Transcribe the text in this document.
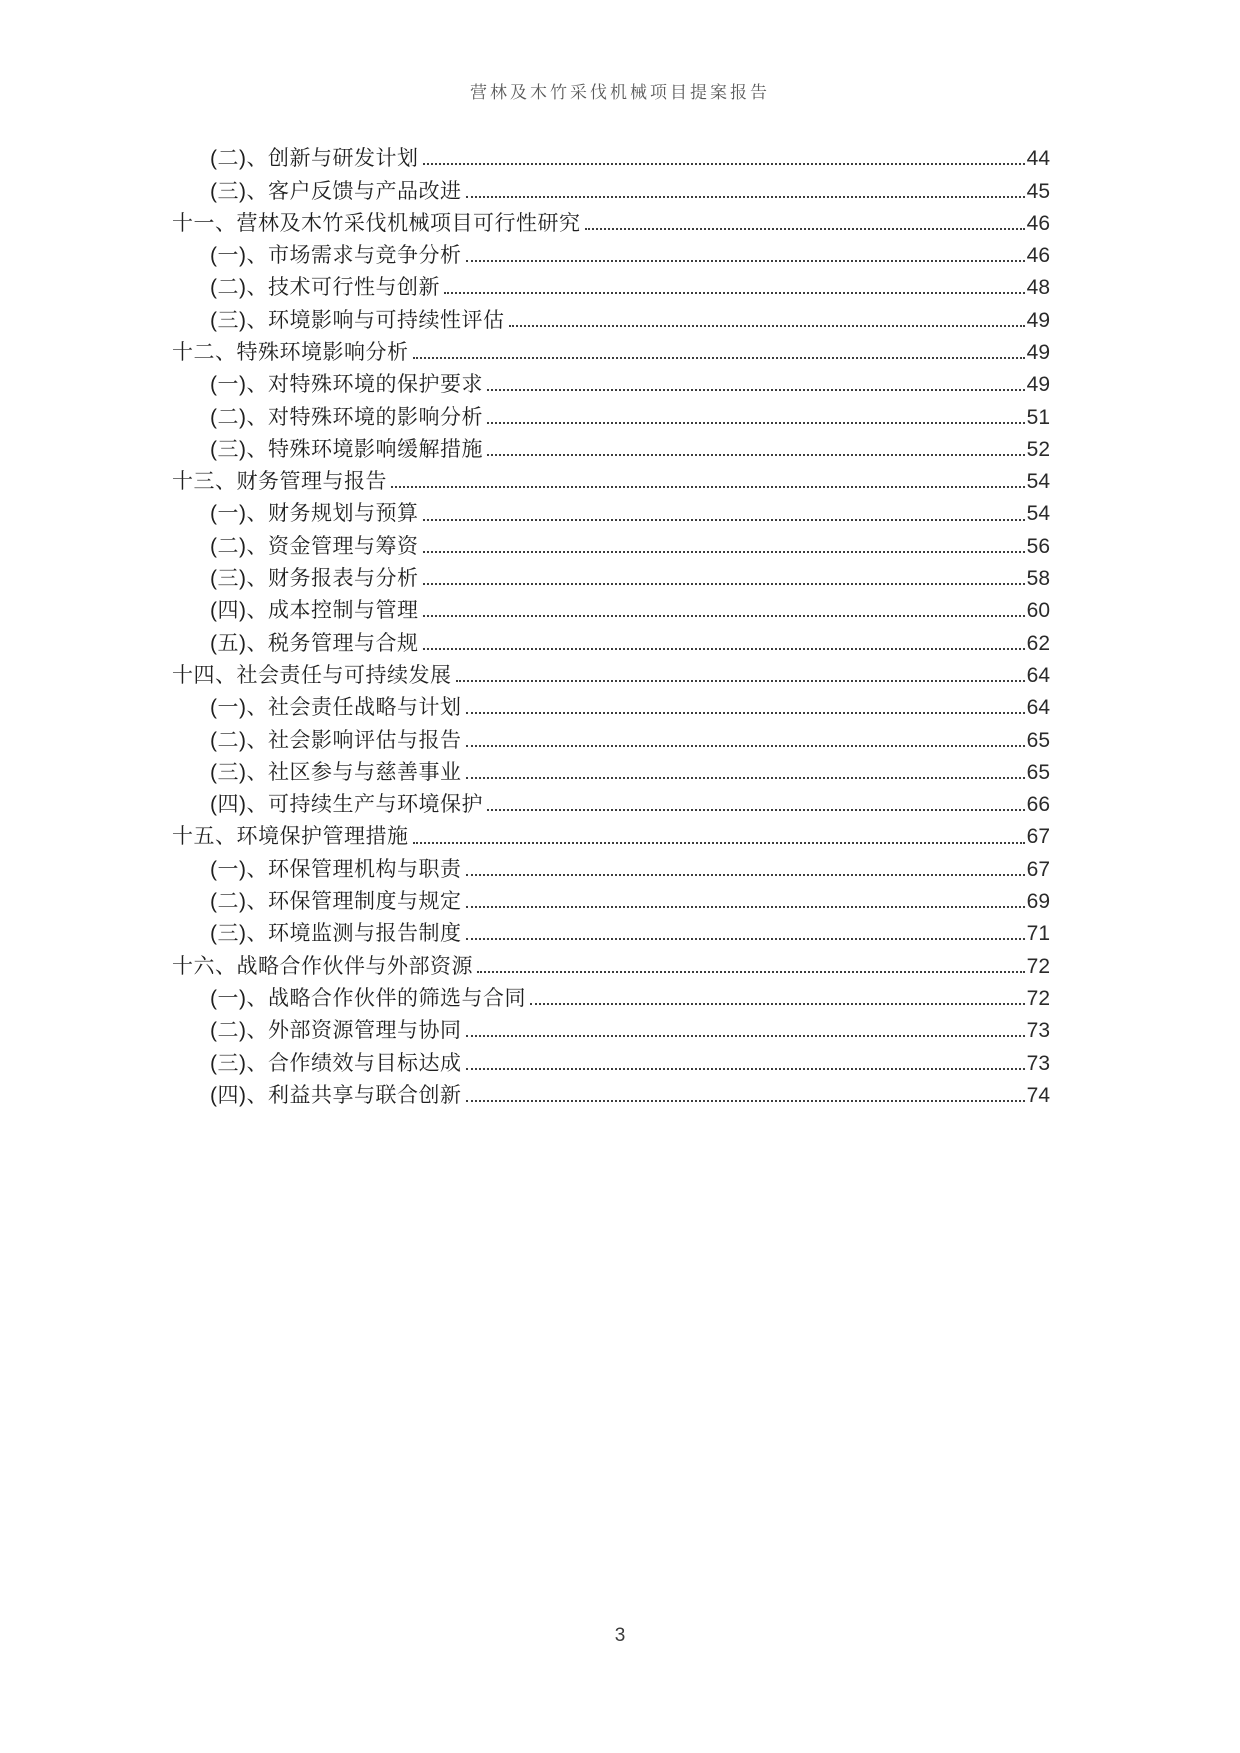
营林及木竹采伐机械项目提案报告
(二)、创新与研发计划	44
(三)、客户反馈与产品改进	45
十一、营林及木竹采伐机械项目可行性研究	46
(一)、市场需求与竞争分析	46
(二)、技术可行性与创新	48
(三)、环境影响与可持续性评估	49
十二、特殊环境影响分析	49
(一)、对特殊环境的保护要求	49
(二)、对特殊环境的影响分析	51
(三)、特殊环境影响缓解措施	52
十三、财务管理与报告	54
(一)、财务规划与预算	54
(二)、资金管理与筹资	56
(三)、财务报表与分析	58
(四)、成本控制与管理	60
(五)、税务管理与合规	62
十四、社会责任与可持续发展	64
(一)、社会责任战略与计划	64
(二)、社会影响评估与报告	65
(三)、社区参与与慈善事业	65
(四)、可持续生产与环境保护	66
十五、环境保护管理措施	67
(一)、环保管理机构与职责	67
(二)、环保管理制度与规定	69
(三)、环境监测与报告制度	71
十六、战略合作伙伴与外部资源	72
(一)、战略合作伙伴的筛选与合同	72
(二)、外部资源管理与协同	73
(三)、合作绩效与目标达成	73
(四)、利益共享与联合创新	74
3
